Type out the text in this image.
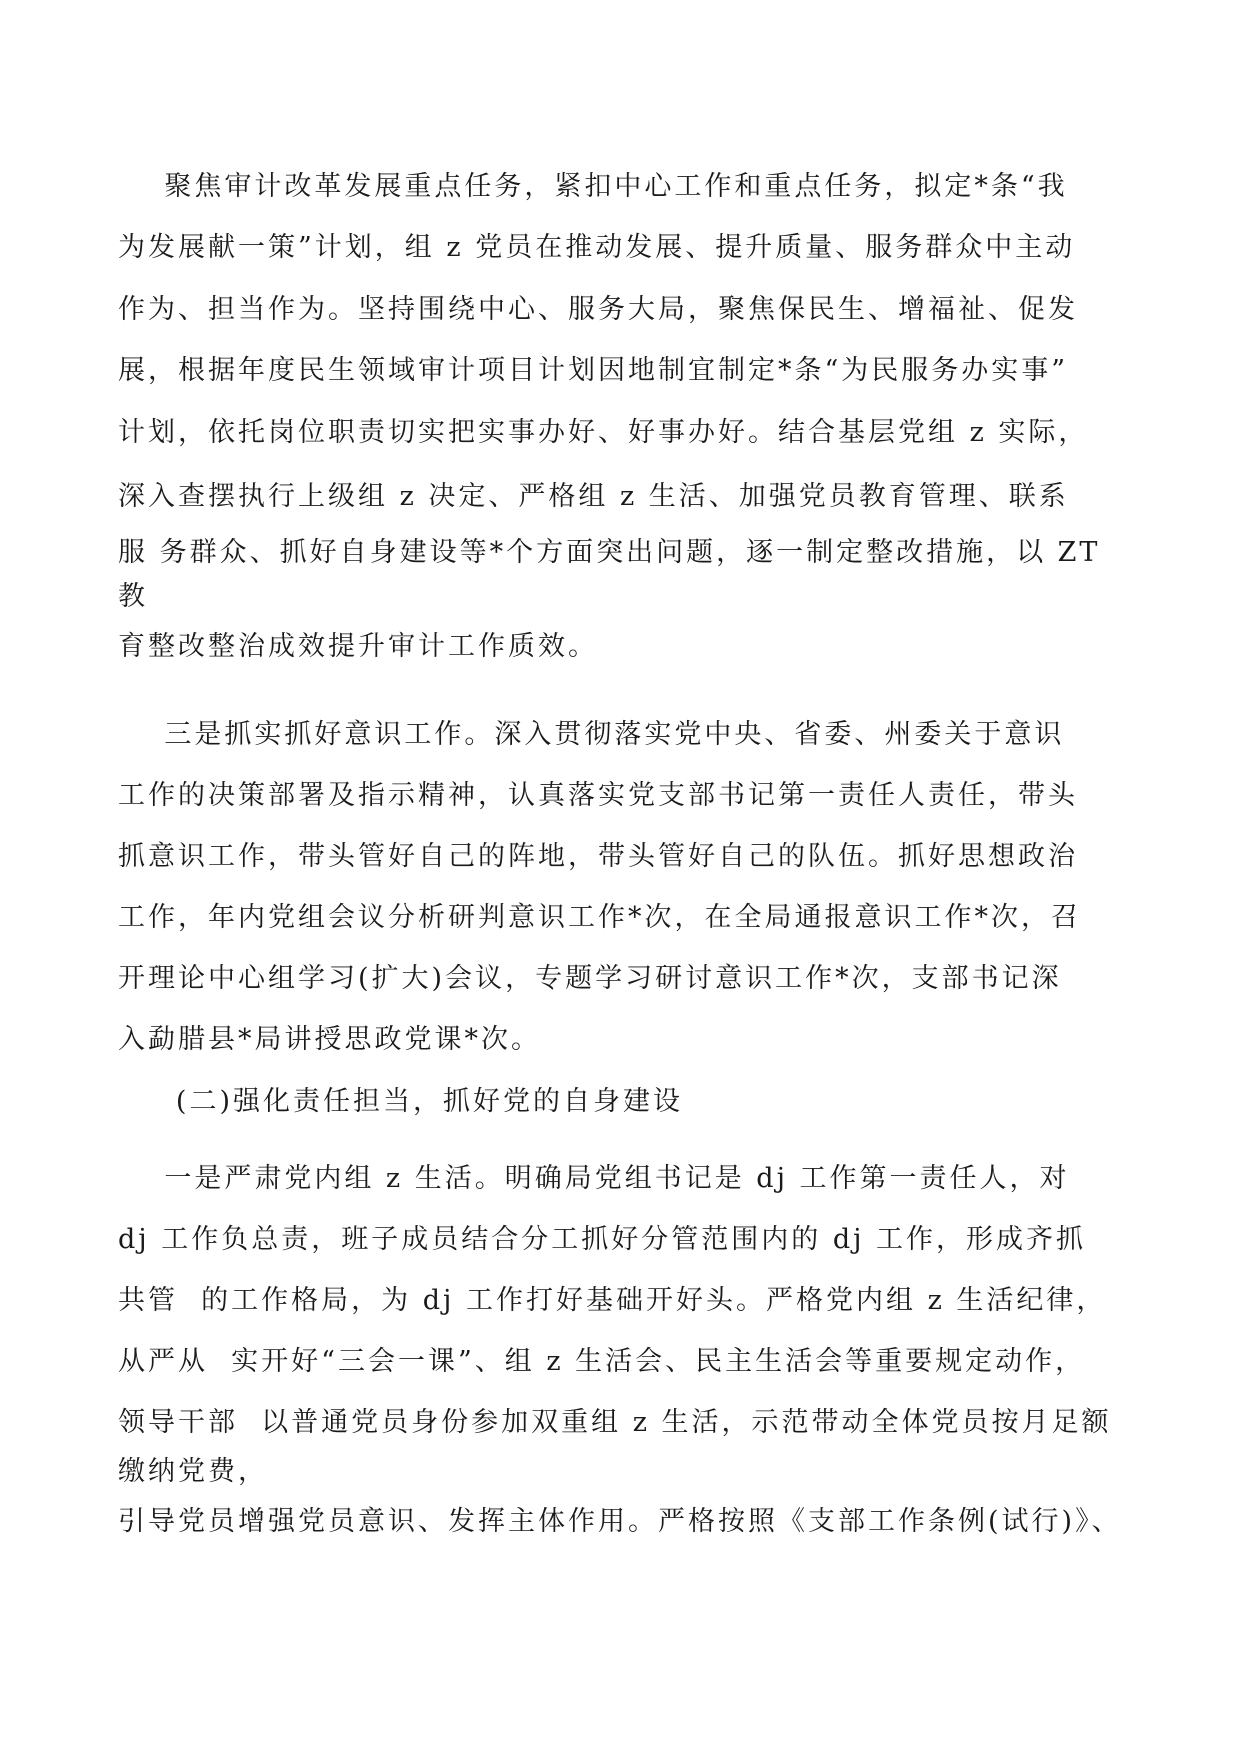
聚焦审计改革发展重点任务，紧扣中心工作和重点任务，拟定*条“我
为发展献一策”计划，组 z 党员在推动发展、提升质量、服务群众中主动
作为、担当作为。坚持围绕中心、服务大局，聚焦保民生、增福祉、促发
展，根据年度民生领域审计项目计划因地制宜制定*条“为民服务办实事”
计划，依托岗位职责切实把实事办好、好事办好。结合基层党组 z 实际，
深入查摆执行上级组 z 决定、严格组 z 生活、加强党员教育管理、联系
服 务群众、抓好自身建设等*个方面突出问题，逐一制定整改措施，以 ZT
教
育整改整治成效提升审计工作质效。
三是抓实抓好意识工作。深入贯彻落实党中央、省委、州委关于意识
工作的决策部署及指示精神，认真落实党支部书记第一责任人责任，带头
抓意识工作，带头管好自己的阵地，带头管好自己的队伍。抓好思想政治
工作，年内党组会议分析研判意识工作*次，在全局通报意识工作*次，召
开理论中心组学习(扩大)会议，专题学习研讨意识工作*次，支部书记深
入勐腊县*局讲授思政党课*次。
(二)强化责任担当，抓好党的自身建设
一是严肃党内组 z 生活。明确局党组书记是 dj 工作第一责任人，对
dj 工作负总责，班子成员结合分工抓好分管范围内的 dj 工作，形成齐抓
共管  的工作格局，为 dj 工作打好基础开好头。严格党内组 z 生活纪律，
从严从  实开好“三会一课”、组 z 生活会、民主生活会等重要规定动作，
领导干部  以普通党员身份参加双重组 z 生活，示范带动全体党员按月足额
缴纳党费，
引导党员增强党员意识、发挥主体作用。严格按照《支部工作条例(试行)》、
